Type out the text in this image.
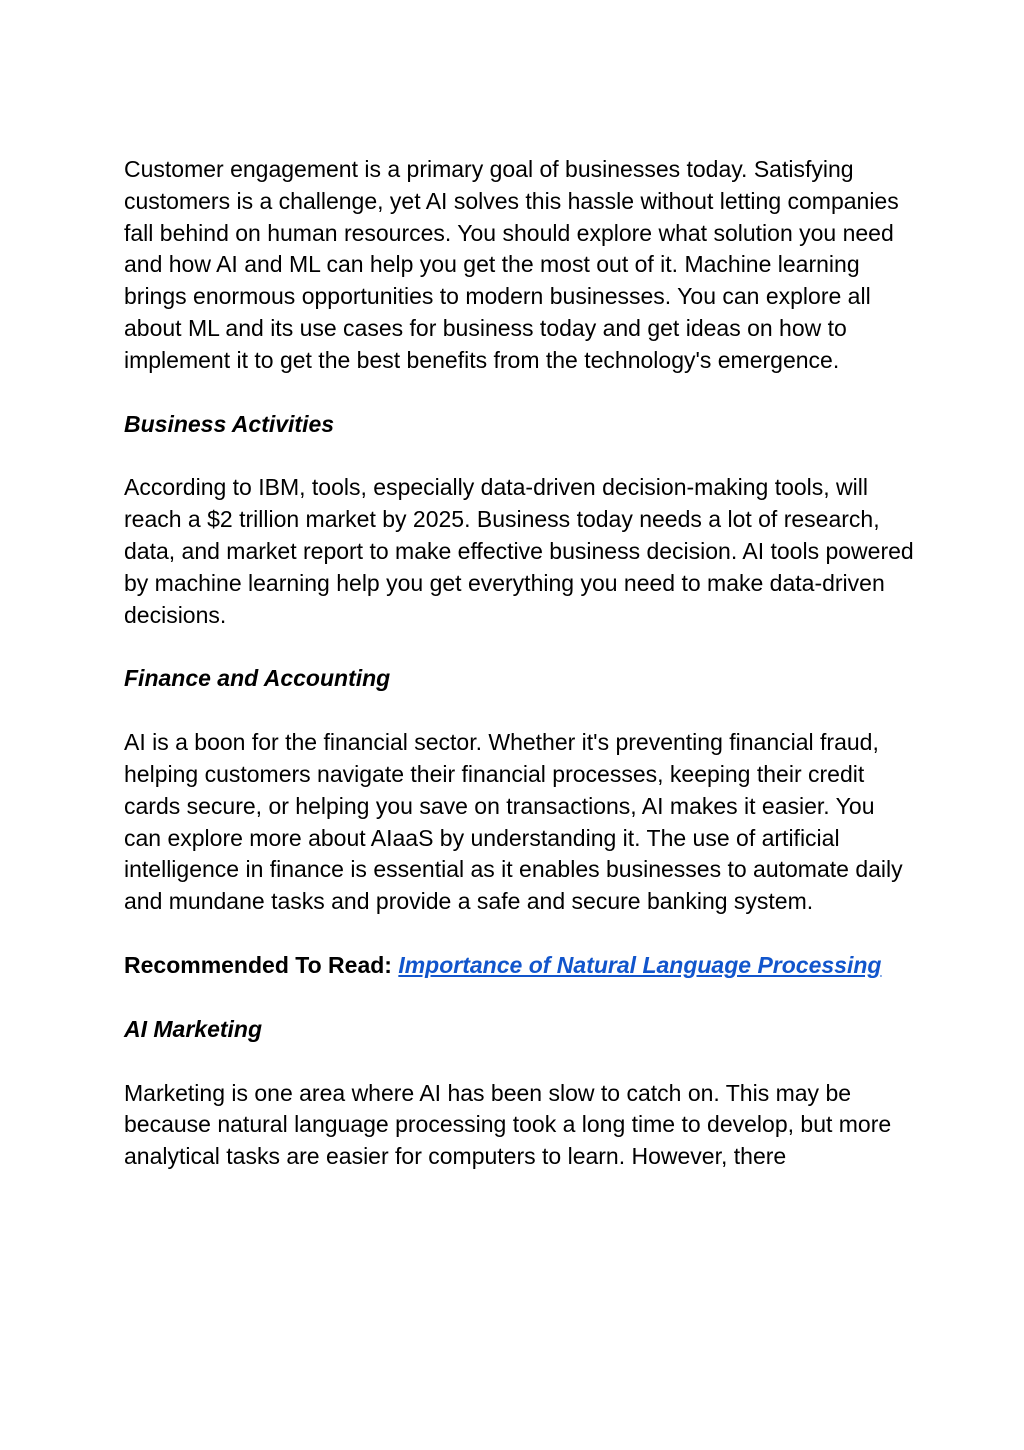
Customer engagement is a primary goal of businesses today. Satisfying customers is a challenge, yet AI solves this hassle without letting companies fall behind on human resources. You should explore what solution you need and how AI and ML can help you get the most out of it. Machine learning brings enormous opportunities to modern businesses. You can explore all about ML and its use cases for business today and get ideas on how to implement it to get the best benefits from the technology's emergence.

Business Activities

According to IBM, tools, especially data-driven decision-making tools, will reach a $2 trillion market by 2025. Business today needs a lot of research, data, and market report to make effective business decision. AI tools powered by machine learning help you get everything you need to make data-driven decisions.

Finance and Accounting

AI is a boon for the financial sector. Whether it's preventing financial fraud, helping customers navigate their financial processes, keeping their credit cards secure, or helping you save on transactions, AI makes it easier. You can explore more about AIaaS by understanding it. The use of artificial intelligence in finance is essential as it enables businesses to automate daily and mundane tasks and provide a safe and secure banking system.

Recommended To Read: Importance of Natural Language Processing

AI Marketing

Marketing is one area where AI has been slow to catch on. This may be because natural language processing took a long time to develop, but more analytical tasks are easier for computers to learn. However, there
